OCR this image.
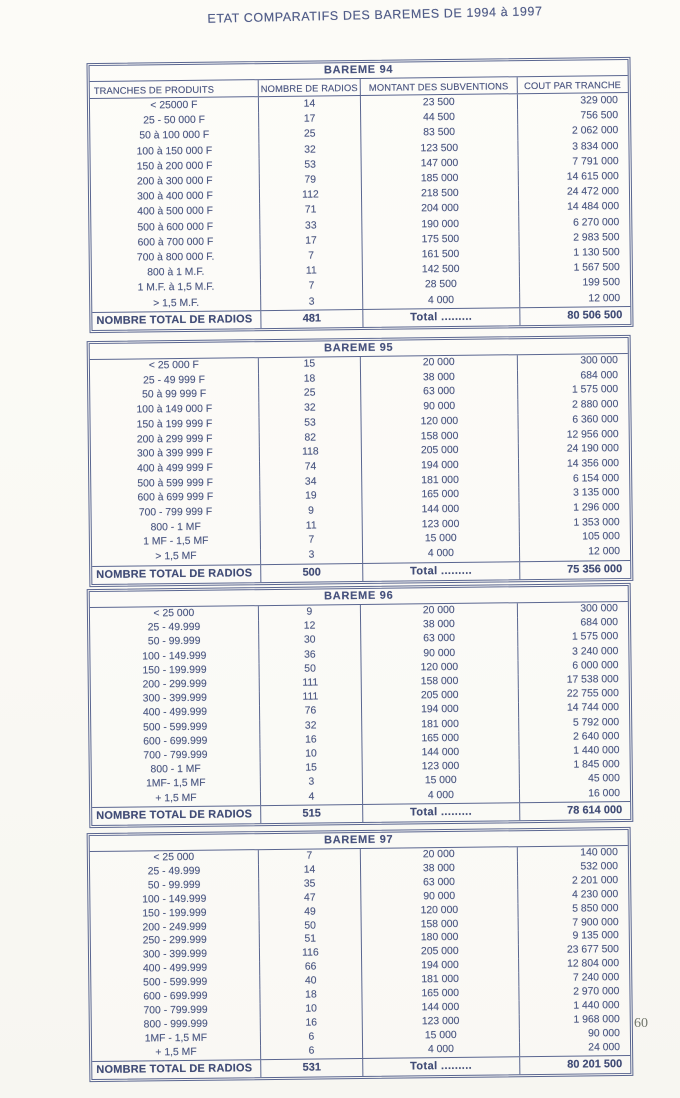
ETAT COMPARATIFS DES BAREMES DE 1994 à 1997
BAREME 94
TRANCHES DE PRODUITS	NOMBRE DE RADIOS	MONTANT DES SUBVENTIONS	COUT PAR TRANCHE
< 25000 F	14	23 500	329 000
25 - 50 000 F	17	44 500	756 500
50 à 100 000 F	25	83 500	2 062 000
100 à 150 000 F	32	123 500	3 834 000
150 à 200 000 F	53	147 000	7 791 000
200 à 300 000 F	79	185 000	14 615 000
300 à 400 000 F	112	218 500	24 472 000
400 à 500 000 F	71	204 000	14 484 000
500 à 600 000 F	33	190 000	6 270 000
600 à 700 000 F	17	175 500	2 983 500
700 à 800 000 F.	7	161 500	1 130 500
800 à 1 M.F.	11	142 500	1 567 500
1 M.F. à 1,5 M.F.	7	28 500	199 500
> 1,5 M.F.	3	4 000	12 000
NOMBRE TOTAL DE RADIOS	481	Total .........	80 506 500
BAREME 95
< 25 000 F	15	20 000	300 000
25 - 49 999 F	18	38 000	684 000
50 à 99 999 F	25	63 000	1 575 000
100 à 149 000 F	32	90 000	2 880 000
150 à 199 999 F	53	120 000	6 360 000
200 à 299 999 F	82	158 000	12 956 000
300 à 399 999 F	118	205 000	24 190 000
400 à 499 999 F	74	194 000	14 356 000
500 à 599 999 F	34	181 000	6 154 000
600 à 699 999 F	19	165 000	3 135 000
700 - 799 999 F	9	144 000	1 296 000
800 - 1 MF	11	123 000	1 353 000
1 MF - 1,5 MF	7	15 000	105 000
> 1,5 MF	3	4 000	12 000
NOMBRE TOTAL DE RADIOS	500	Total .........	75 356 000
BAREME 96
< 25 000	9	20 000	300 000
25 - 49.999	12	38 000	684 000
50 - 99.999	30	63 000	1 575 000
100 - 149.999	36	90 000	3 240 000
150 - 199.999	50	120 000	6 000 000
200 - 299.999	111	158 000	17 538 000
300 - 399.999	111	205 000	22 755 000
400 - 499.999	76	194 000	14 744 000
500 - 599.999	32	181 000	5 792 000
600 - 699.999	16	165 000	2 640 000
700 - 799.999	10	144 000	1 440 000
800 - 1 MF	15	123 000	1 845 000
1MF- 1,5 MF	3	15 000	45 000
+ 1,5 MF	4	4 000	16 000
NOMBRE TOTAL DE RADIOS	515	Total .........	78 614 000
BAREME 97
< 25 000	7	20 000	140 000
25 - 49.999	14	38 000	532 000
50 - 99.999	35	63 000	2 201 000
100 - 149.999	47	90 000	4 230 000
150 - 199.999	49	120 000	5 850 000
200 - 249.999	50	158 000	7 900 000
250 - 299.999	51	180 000	9 135 000
300 - 399.999	116	205 000	23 677 500
400 - 499.999	66	194 000	12 804 000
500 - 599.999	40	181 000	7 240 000
600 - 699.999	18	165 000	2 970 000
700 - 799.999	10	144 000	1 440 000
800 - 999.999	16	123 000	1 968 000
1MF - 1,5 MF	6	15 000	90 000
+ 1,5 MF	6	4 000	24 000
NOMBRE TOTAL DE RADIOS	531	Total .........	80 201 500
60
